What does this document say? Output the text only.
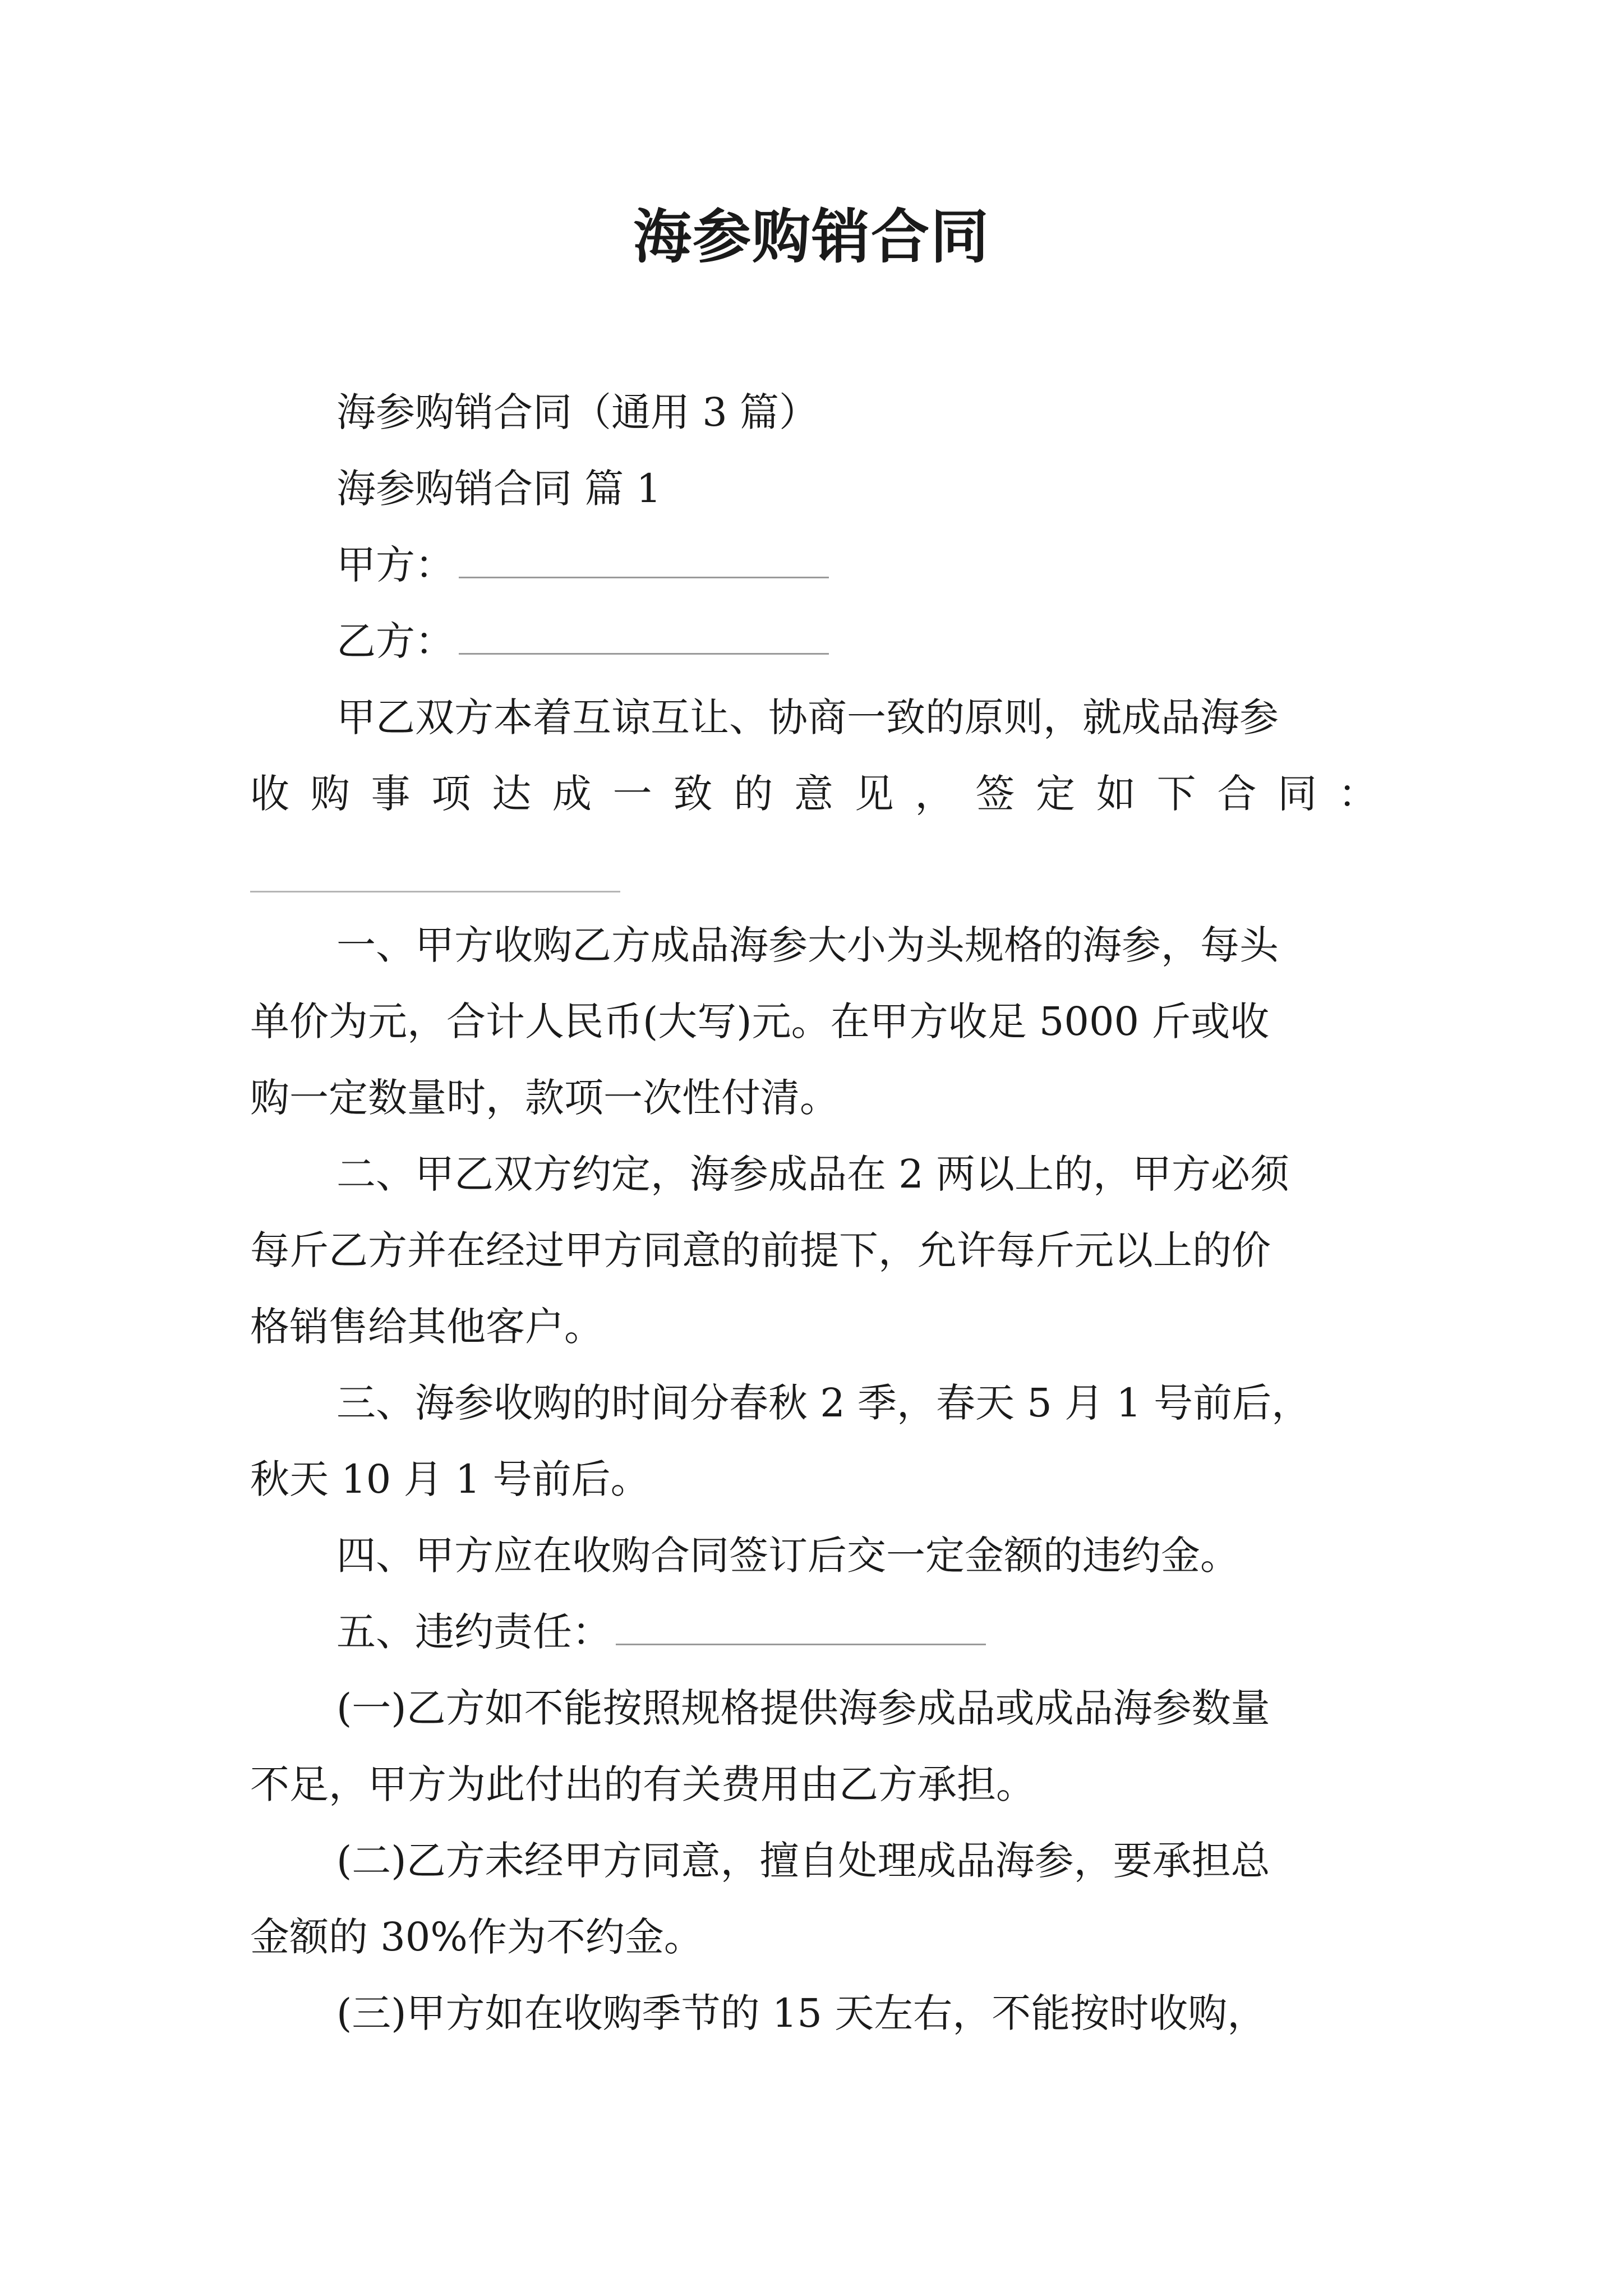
海参购销合同
海参购销合同（通用 3 篇）
海参购销合同 篇 1
甲方：
乙方：
甲乙双方本着互谅互让、协商一致的原则，就成品海参
收购事项达成一致的意见，签定如下合同：
一、甲方收购乙方成品海参大小为头规格的海参，每头
单价为元，合计人民币(大写)元。在甲方收足 5000 斤或收
购一定数量时，款项一次性付清。
二、甲乙双方约定，海参成品在 2 两以上的，甲方必须
每斤乙方并在经过甲方同意的前提下，允许每斤元以上的价
格销售给其他客户。
三、海参收购的时间分春秋 2 季，春天 5 月 1 号前后，
秋天 10 月 1 号前后。
四、甲方应在收购合同签订后交一定金额的违约金。
五、违约责任：
(一)乙方如不能按照规格提供海参成品或成品海参数量
不足，甲方为此付出的有关费用由乙方承担。
(二)乙方未经甲方同意，擅自处理成品海参，要承担总
金额的 30%作为不约金。
(三)甲方如在收购季节的 15 天左右，不能按时收购，
